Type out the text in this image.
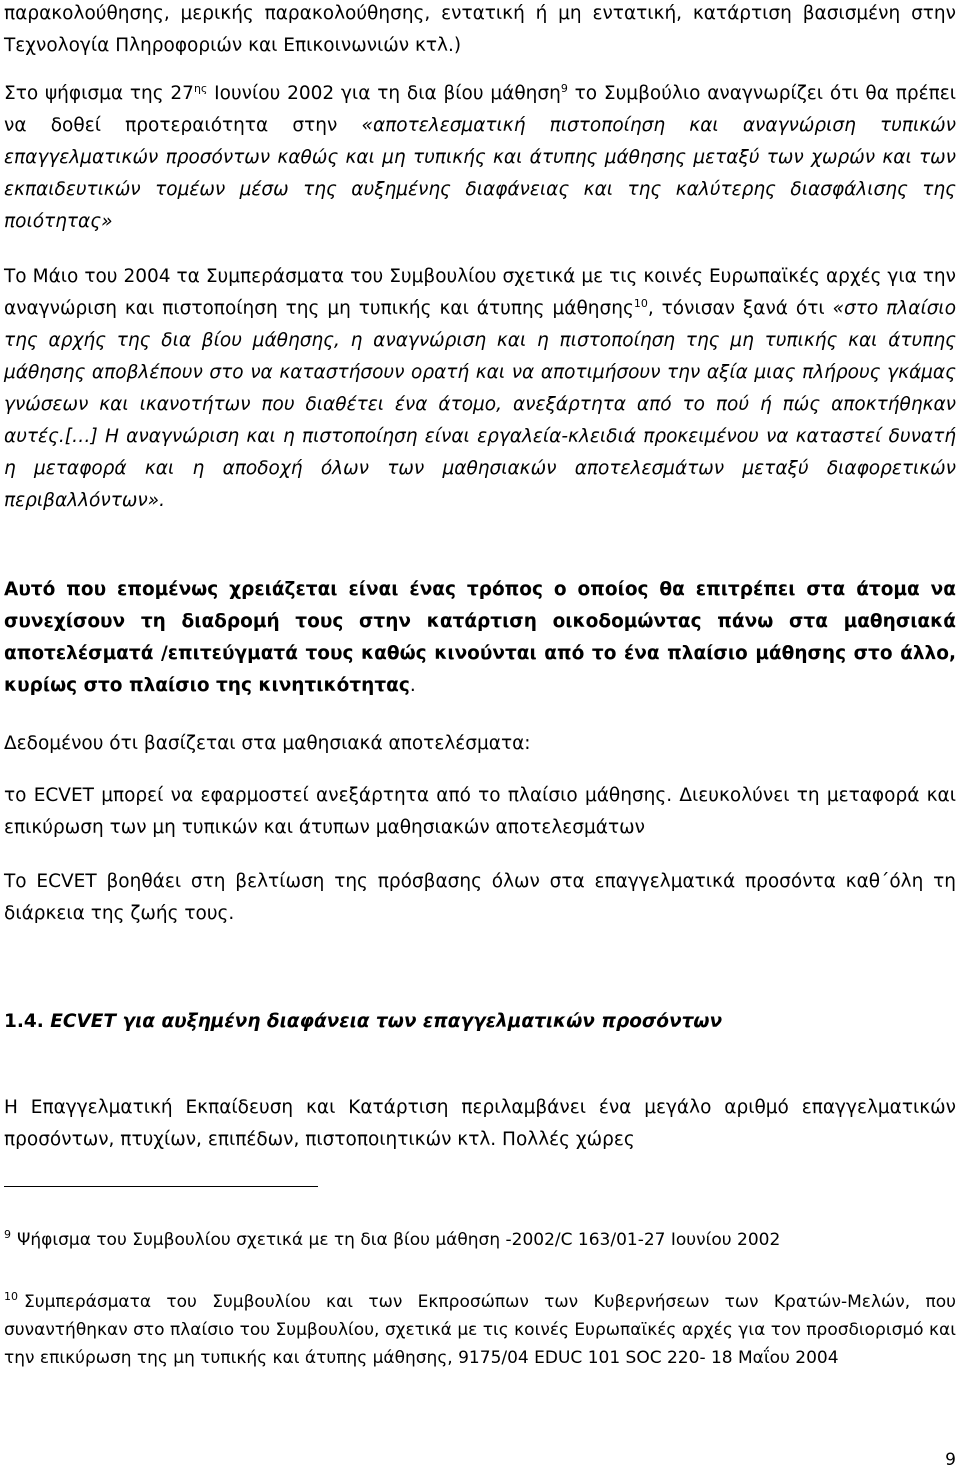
παρακολούθησης, μερικής παρακολούθησης, εντατική ή μη εντατική, κατάρτιση βασισμένη στην Τεχνολογία Πληροφοριών και Επικοινωνιών κτλ.)

Στο ψήφισμα της $27^{\eta\varsigma}$ Ιουνίου 2002 για τη δια βίου μάθηση$^9$ το Συμβούλιο αναγνωρίζει ότι θα πρέπει να δοθεί προτεραιότητα στην «αποτελεσματική πιστοποίηση και αναγνώριση τυπικών επαγγελματικών προσόντων καθώς και μη τυπικής και άτυπης μάθησης μεταξύ των χωρών και των εκπαιδευτικών τομέων μέσω της αυξημένης διαφάνειας και της καλύτερης διασφάλισης της ποιότητας»

Το Μάιο του 2004 τα Συμπεράσματα του Συμβουλίου σχετικά με τις κοινές Ευρωπαϊκές αρχές για την αναγνώριση και πιστοποίηση της μη τυπικής και άτυπης μάθησης$^{10}$, τόνισαν ξανά ότι «στο πλαίσιο της αρχής της δια βίου μάθησης, η αναγνώριση και η πιστοποίηση της μη τυπικής και άτυπης μάθησης αποβλέπουν στο να καταστήσουν ορατή και να αποτιμήσουν την αξία μιας πλήρους γκάμας γνώσεων και ικανοτήτων που διαθέτει ένα άτομο, ανεξάρτητα από το πού ή πώς αποκτήθηκαν αυτές.[…] Η αναγνώριση και η πιστοποίηση είναι εργαλεία-κλειδιά προκειμένου να καταστεί δυνατή η μεταφορά και η αποδοχή όλων των μαθησιακών αποτελεσμάτων μεταξύ διαφορετικών περιβαλλόντων».

Αυτό που επομένως χρειάζεται είναι ένας τρόπος ο οποίος θα επιτρέπει στα άτομα να συνεχίσουν τη διαδρομή τους στην κατάρτιση οικοδομώντας πάνω στα μαθησιακά αποτελέσματά /επιτεύγματά τους καθώς κινούνται από το ένα πλαίσιο μάθησης στο άλλο, κυρίως στο πλαίσιο της κινητικότητας.

Δεδομένου ότι βασίζεται στα μαθησιακά αποτελέσματα:

το ECVET μπορεί να εφαρμοστεί ανεξάρτητα από το πλαίσιο μάθησης. Διευκολύνει τη μεταφορά και επικύρωση των μη τυπικών και άτυπων μαθησιακών αποτελεσμάτων

Το ECVET βοηθάει στη βελτίωση της πρόσβασης όλων στα επαγγελματικά προσόντα καθ΄όλη τη διάρκεια της ζωής τους.

1.4. ECVET για αυξημένη διαφάνεια των επαγγελματικών προσόντων

Η Επαγγελματική Εκπαίδευση και Κατάρτιση περιλαμβάνει ένα μεγάλο αριθμό επαγγελματικών προσόντων, πτυχίων, επιπέδων, πιστοποιητικών κτλ. Πολλές χώρες

$^9$ Ψήφισμα του Συμβουλίου σχετικά με τη δια βίου μάθηση -2002/C 163/01-27 Ιουνίου 2002

$^{10}$ Συμπεράσματα του Συμβουλίου και των Εκπροσώπων των Κυβερνήσεων των Κρατών-Μελών, που συναντήθηκαν στο πλαίσιο του Συμβουλίου, σχετικά με τις κοινές Ευρωπαϊκές αρχές για τον προσδιορισμό και την επικύρωση της μη τυπικής και άτυπης μάθησης, 9175/04 EDUC 101 SOC 220- 18 Μαΐου 2004

9
